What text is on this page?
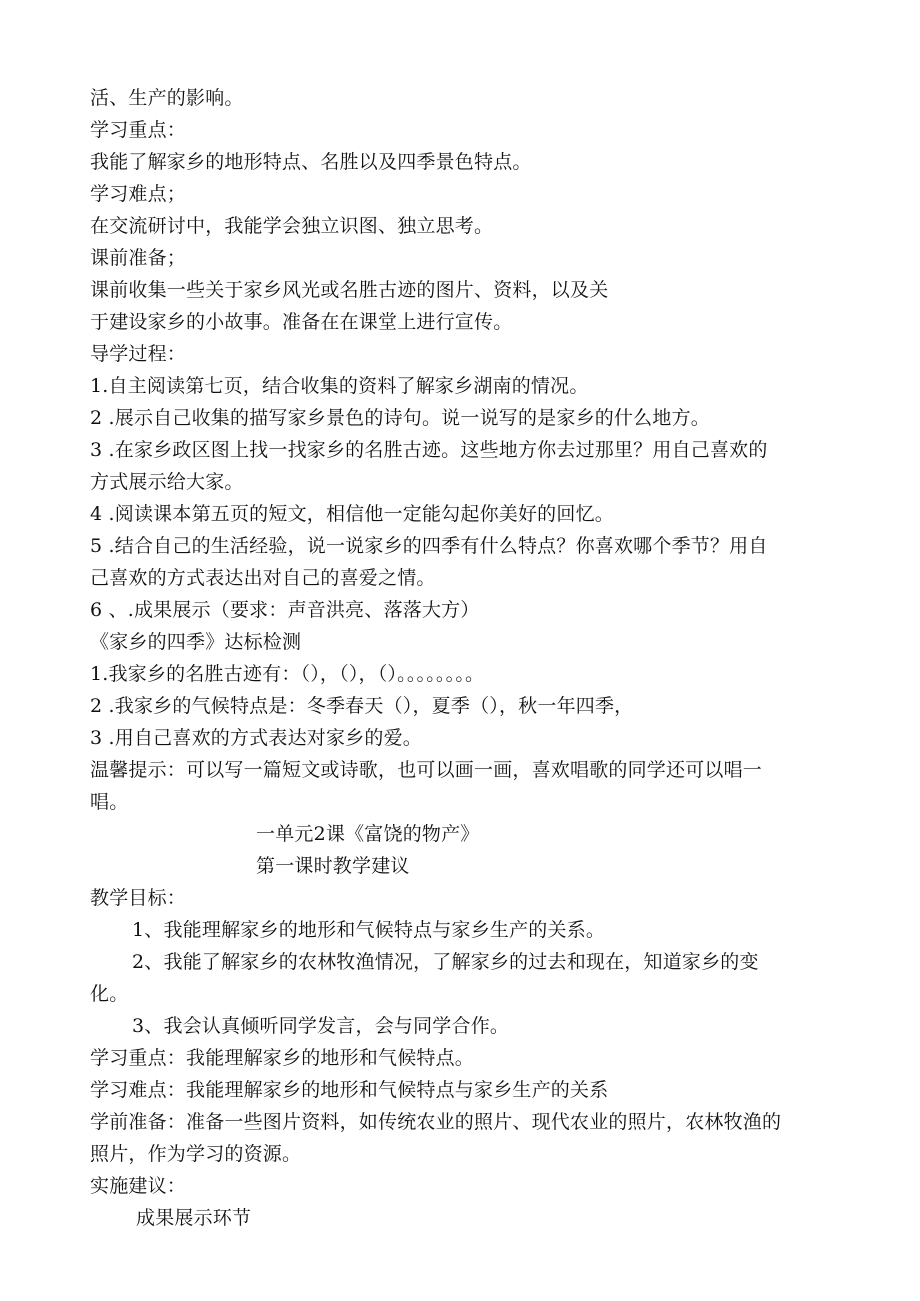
活、生产的影响。
学习重点：
我能了解家乡的地形特点、名胜以及四季景色特点。
学习难点；
在交流研讨中，我能学会独立识图、独立思考。
课前准备；
课前收集一些关于家乡风光或名胜古迹的图片、资料，以及关
于建设家乡的小故事。准备在在课堂上进行宣传。
导学过程：
1.自主阅读第七页，结合收集的资料了解家乡湖南的情况。
2 .展示自己收集的描写家乡景色的诗句。说一说写的是家乡的什么地方。
3 .在家乡政区图上找一找家乡的名胜古迹。这些地方你去过那里？用自己喜欢的
方式展示给大家。
4 .阅读课本第五页的短文，相信他一定能勾起你美好的回忆。
5 .结合自己的生活经验，说一说家乡的四季有什么特点？你喜欢哪个季节？用自
己喜欢的方式表达出对自己的喜爱之情。
6 、.成果展示（要求：声音洪亮、落落大方）
《家乡的四季》达标检测
1.我家乡的名胜古迹有：（），（），（）。。。。。。。。
2 .我家乡的气候特点是：冬季春天（），夏季（），秋一年四季，
3 .用自己喜欢的方式表达对家乡的爱。
温馨提示：可以写一篇短文或诗歌，也可以画一画，喜欢唱歌的同学还可以唱一
唱。
一单元2课《富饶的物产》
第一课时教学建议
教学目标：
1、我能理解家乡的地形和气候特点与家乡生产的关系。
2、我能了解家乡的农林牧渔情况，了解家乡的过去和现在，知道家乡的变
化。
3、我会认真倾听同学发言，会与同学合作。
学习重点：我能理解家乡的地形和气候特点。
学习难点：我能理解家乡的地形和气候特点与家乡生产的关系
学前准备：准备一些图片资料，如传统农业的照片、现代农业的照片，农林牧渔的
照片，作为学习的资源。
实施建议：
成果展示环节
